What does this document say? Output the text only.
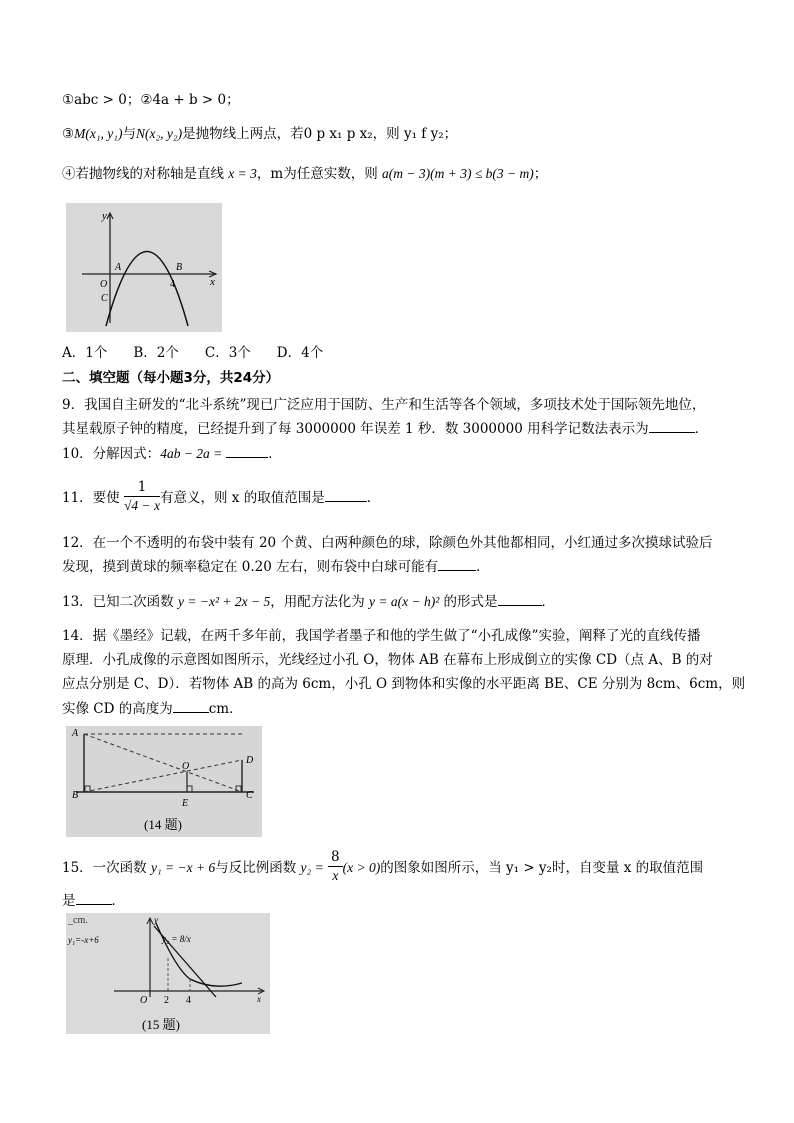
①abc > 0；②4a + b > 0；
③M(x₁, y₁)与N(x₂, y₂)是抛物线上两点，若0 p x₁ p x₂，则 y₁ f y₂；
④若抛物线的对称轴是直线 x = 3，m为任意实数，则 a(m − 3)(m + 3) ≤ b(3 − m)；
y
x
A	B
O
C
4
A．1个 B．2个 C．3个 D．4个
二、填空题（每小题3分，共24分）
9．我国自主研发的“北斗系统”现已广泛应用于国防、生产和生活等各个领域，多项技术处于国际领先地位，
其星载原子钟的精度，已经提升到了每 3000000 年误差 1 秒．数 3000000 用科学记数法表示为	．
10．分解因式：4ab − 2a =	．
11．要使 $\frac{1}{√4 - x}$ 有意义，则 x 的取值范围是	．
12．在一个不透明的布袋中装有 20 个黄、白两种颜色的球，除颜色外其他都相同，小红通过多次摸球试验后
发现，摸到黄球的频率稳定在 0.20 左右，则布袋中白球可能有	．
13．已知二次函数 y = −x² + 2x − 5，用配方法化为 y = a(x − h)² 的形式是	．
14．据《墨经》记载，在两千多年前，我国学者墨子和他的学生做了“小孔成像”实验，阐释了光的直线传播
原理．小孔成像的示意图如图所示，光线经过小孔 O，物体 AB 在幕布上形成倒立的实像 CD（点 A、B 的对
应点分别是 C、D）．若物体 AB 的高为 6cm，小孔 O 到物体和实像的水平距离 BE、CE 分别为 8cm、6cm，则
实像 CD 的高度为	cm．
A
B
O
E
D
C
(14 题)
15．一次函数 y₁ = −x + 6与反比例函数 $y_2 = \frac{8}{x} (x > 0)$的图象如图所示，当 y₁ > y₂时，自变量 x 的取值范围
是	．
_cm.
y₁=-x+6	y₂ = 8/x
y
x
O 2 4
(15 题)
